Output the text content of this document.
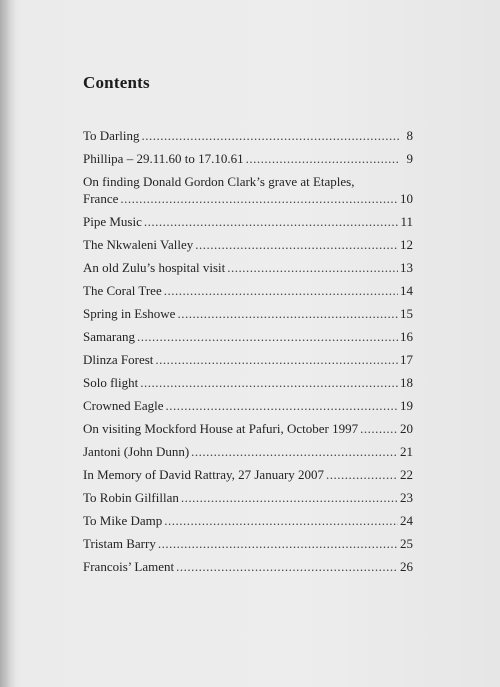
Contents
To Darling .....	8
Phillipa – 29.11.60 to 17.10.61 .....	9
On finding Donald Gordon Clark’s grave at Etaples,
France .....	10
Pipe Music .....	11
The Nkwaleni Valley .....	12
An old Zulu’s hospital visit .....	13
The Coral Tree .....	14
Spring in Eshowe .....	15
Samarang .....	16
Dlinza Forest .....	17
Solo flight .....	18
Crowned Eagle .....	19
On visiting Mockford House at Pafuri, October 1997 .....	20
Jantoni (John Dunn) .....	21
In Memory of David Rattray, 27 January 2007 .....	22
To Robin Gilfillan .....	23
To Mike Damp .....	24
Tristam Barry .....	25
Francois’ Lament .....	26
